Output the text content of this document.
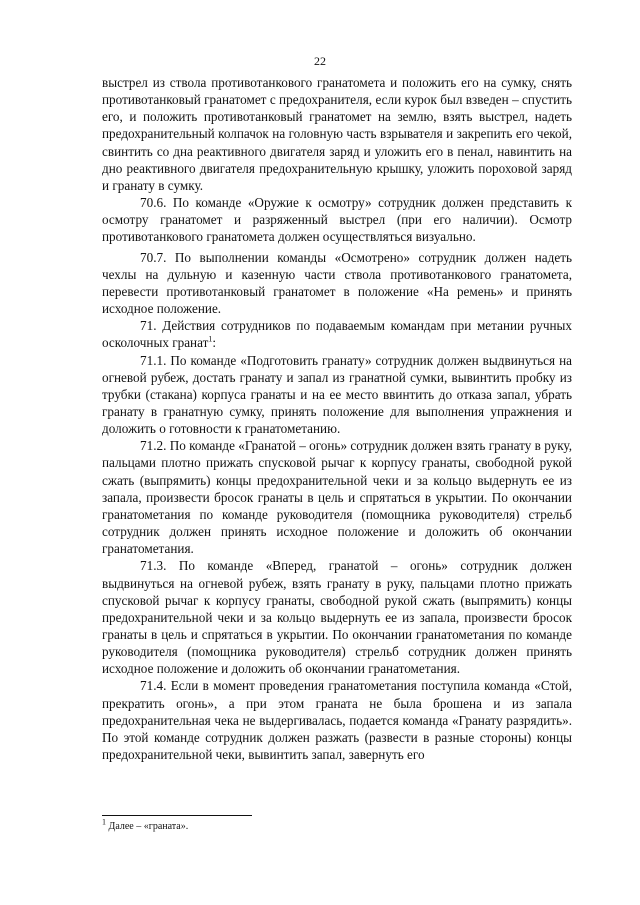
22

выстрел из ствола противотанкового гранатомета и положить его на сумку, снять противотанковый гранатомет с предохранителя, если курок был взведен – спустить его, и положить противотанковый гранатомет на землю, взять выстрел, надеть предохранительный колпачок на головную часть взрывателя и закрепить его чекой, свинтить со дна реактивного двигателя заряд и уложить его в пенал, навинтить на дно реактивного двигателя предохранительную крышку, уложить пороховой заряд и гранату в сумку.

70.6. По команде «Оружие к осмотру» сотрудник должен представить к осмотру гранатомет и разряженный выстрел (при его наличии). Осмотр противотанкового гранатомета должен осуществляться визуально.

70.7. По выполнении команды «Осмотрено» сотрудник должен надеть чехлы на дульную и казенную части ствола противотанкового гранатомета, перевести противотанковый гранатомет в положение «На ремень» и принять исходное положение.

71. Действия сотрудников по подаваемым командам при метании ручных осколочных гранат$^1$:

71.1. По команде «Подготовить гранату» сотрудник должен выдвинуться на огневой рубеж, достать гранату и запал из гранатной сумки, вывинтить пробку из трубки (стакана) корпуса гранаты и на ее место ввинтить до отказа запал, убрать гранату в гранатную сумку, принять положение для выполнения упражнения и доложить о готовности к гранатометанию.

71.2. По команде «Гранатой – огонь» сотрудник должен взять гранату в руку, пальцами плотно прижать спусковой рычаг к корпусу гранаты, свободной рукой сжать (выпрямить) концы предохранительной чеки и за кольцо выдернуть ее из запала, произвести бросок гранаты в цель и спрятаться в укрытии. По окончании гранатометания по команде руководителя (помощника руководителя) стрельб сотрудник должен принять исходное положение и доложить об окончании гранатометания.

71.3. По команде «Вперед, гранатой – огонь» сотрудник должен выдвинуться на огневой рубеж, взять гранату в руку, пальцами плотно прижать спусковой рычаг к корпусу гранаты, свободной рукой сжать (выпрямить) концы предохранительной чеки и за кольцо выдернуть ее из запала, произвести бросок гранаты в цель и спрятаться в укрытии. По окончании гранатометания по команде руководителя (помощника руководителя) стрельб сотрудник должен принять исходное положение и доложить об окончании гранатометания.

71.4. Если в момент проведения гранатометания поступила команда «Стой, прекратить огонь», а при этом граната не была брошена и из запала предохранительная чека не выдергивалась, подается команда «Гранату разрядить». По этой команде сотрудник должен разжать (развести в разные стороны) концы предохранительной чеки, вывинтить запал, завернуть его

$^1$ Далее – «граната».
